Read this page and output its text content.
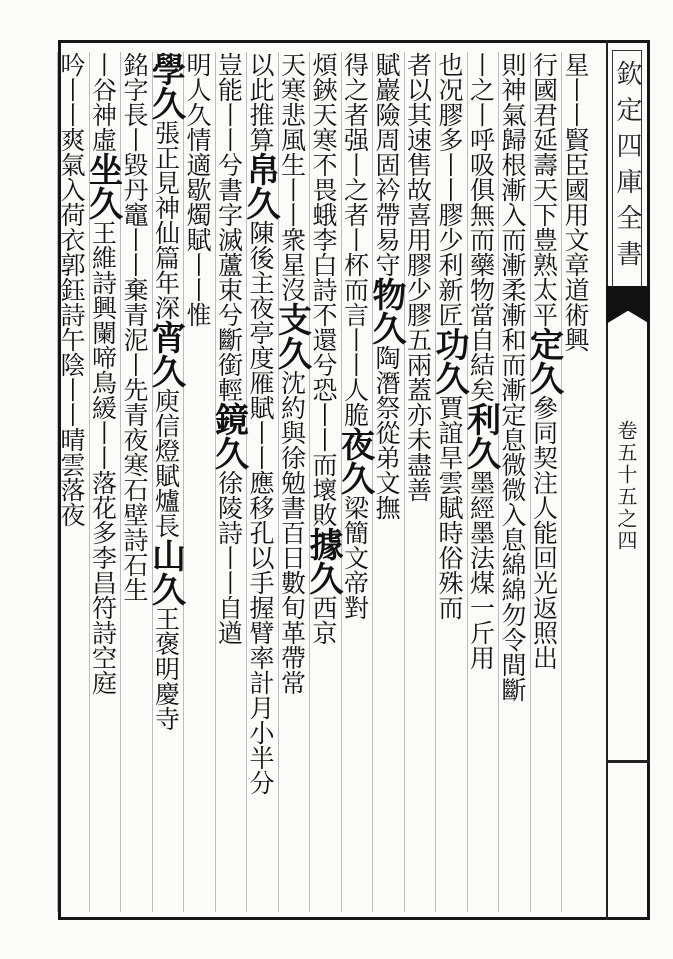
欽定四庫全書
卷五十五之四
星丨丨賢臣國用文章道術興
行國君延壽天下豊熟太平定久參同契注人能回光返照出
則神氣歸根漸入而漸柔漸和而漸定息微微入息綿綿勿令間斷
丨之丨呼吸俱無而藥物當自結矣利久墨經墨法煤一斤用
也况膠多丨丨膠少利新匠功久賈誼旱雲賦時俗殊而
者以其速售故喜用膠少膠五兩蓋亦未盡善
賦巖險周固衿帶易守物久陶潛祭從弟文撫
得之者强丨之者丨杯而言丨丨人脆夜久梁簡文帝對
煩鋏天寒不畏蛾李白詩不還兮恐丨丨而壞敗據久西京
天寒悲風生丨丨衆星沒支久沈約與徐勉書百日數旬革帶常
以此推算帛久陳後主夜亭度雁賦丨丨應移孔以手握臂率計月小半分
豈能丨丨兮書字滅蘆束兮斷銜輕鏡久徐陵詩丨丨自遒
明人久情適歇燭賦丨丨惟
學久張正見神仙篇年深宵久庾信燈賦爐長山久王褒明慶寺
銘字長丨毀丹竈丨丨棄青泥丨先青夜寒石壁詩石生
丨谷神虛坐久王維詩興闌啼鳥緩丨丨落花多李昌符詩空庭
吟丨丨爽氣入荷衣郭鈺詩午陰丨丨晴雲落夜
